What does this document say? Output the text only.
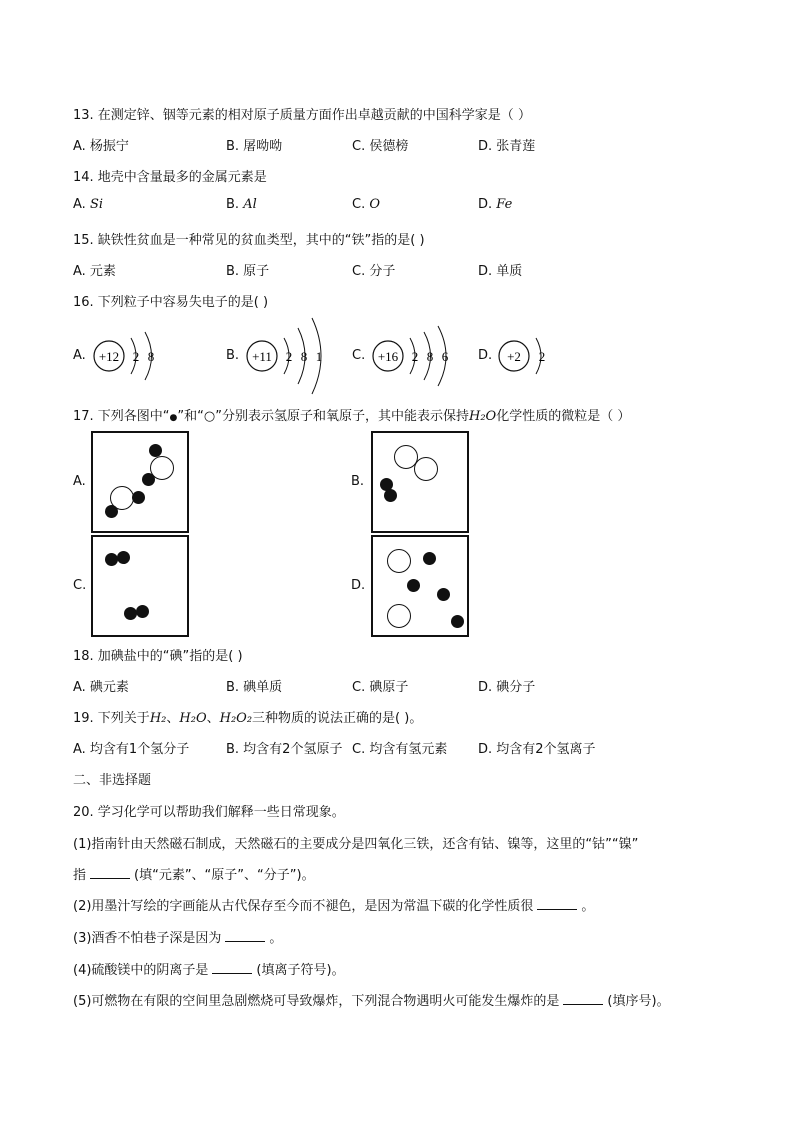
13. 在测定锌、铟等元素的相对原子质量方面作出卓越贡献的中国科学家是（ ）
A. 杨振宁	B. 屠呦呦	C. 侯德榜	D. 张青莲
14. 地壳中含量最多的金属元素是
A. Si	B. Al	C. O	D. Fe
15. 缺铁性贫血是一种常见的贫血类型，其中的“铁”指的是( )
A. 元素	B. 原子	C. 分子	D. 单质
16. 下列粒子中容易失电子的是( )
A. +12 2 8	B. +11 2 8 1 C. +16 2 8 6 D. +2 2
17. 下列各图中“●”和“○”分别表示氢原子和氧原子，其中能表示保持H₂O化学性质的微粒是（ ）
A.	B.
C.	D.
18. 加碘盐中的“碘”指的是( )
A. 碘元素	B. 碘单质	C. 碘原子	D. 碘分子
19. 下列关于H₂、H₂O、H₂O₂三种物质的说法正确的是( )。
A. 均含有1个氢分子	B. 均含有2个氢原子 C. 均含有氢元素 D. 均含有2个氢离子
二、非选择题
20. 学习化学可以帮助我们解释一些日常现象。
(1)指南针由天然磁石制成，天然磁石的主要成分是四氧化三铁，还含有钴、镍等，这里的“钴”“镍”
指	(填“元素”、“原子”、“分子”)。
(2)用墨汁写绘的字画能从古代保存至今而不褪色，是因为常温下碳的化学性质很	。
(3)酒香不怕巷子深是因为	。
(4)硫酸镁中的阴离子是	(填离子符号)。
(5)可燃物在有限的空间里急剧燃烧可导致爆炸，下列混合物遇明火可能发生爆炸的是	(填序号)。
